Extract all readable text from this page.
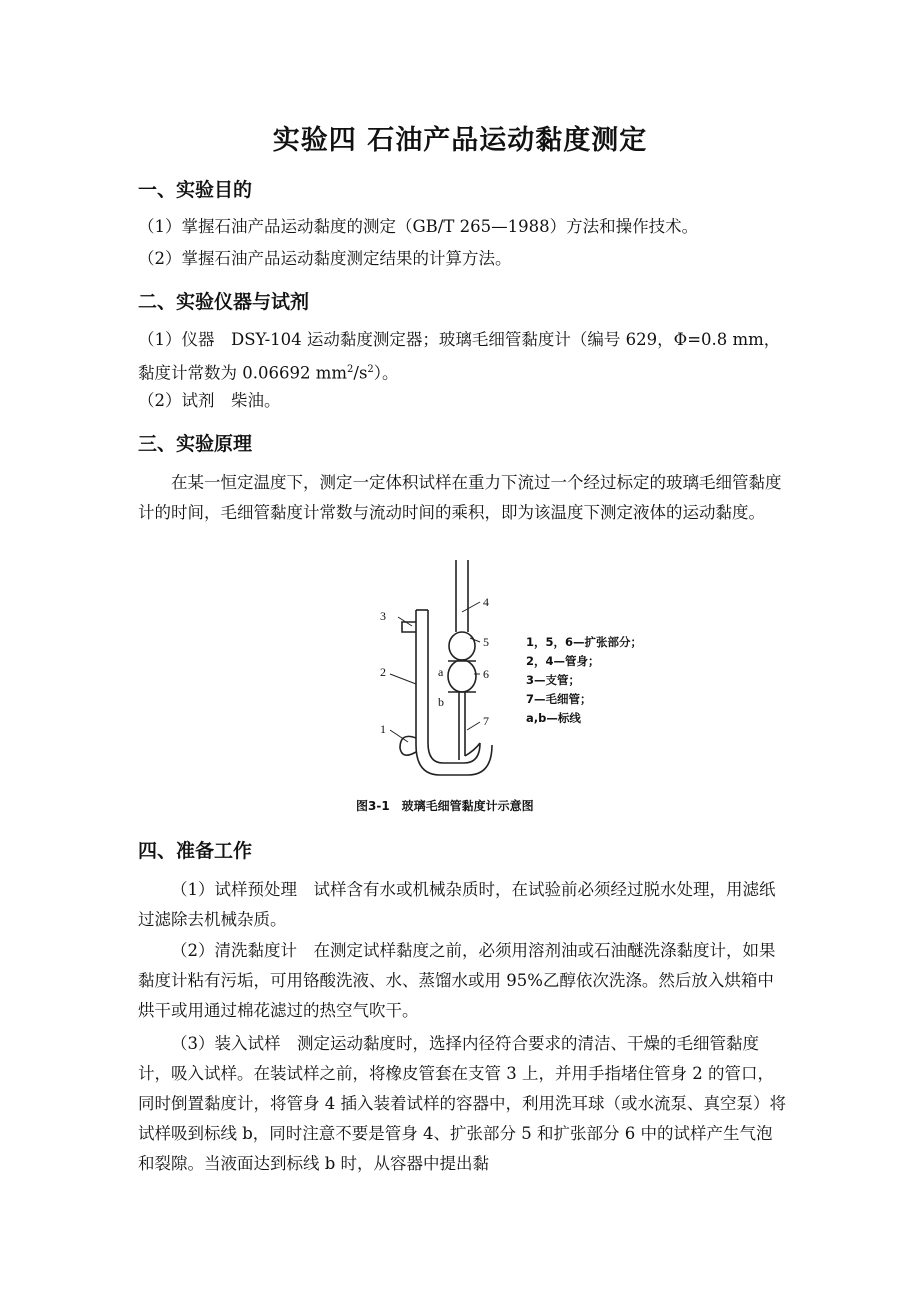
实验四 石油产品运动黏度测定
一、实验目的
（1）掌握石油产品运动黏度的测定（GB/T 265—1988）方法和操作技术。
（2）掌握石油产品运动黏度测定结果的计算方法。
二、实验仪器与试剂
（1）仪器　DSY-104 运动黏度测定器；玻璃毛细管黏度计（编号 629，Φ=0.8 mm，黏度计常数为 0.06692 $mm^2/s^2$）。
（2）试剂　柴油。
三、实验原理
在某一恒定温度下，测定一定体积试样在重力下流过一个经过标定的玻璃毛细管黏度计的时间，毛细管黏度计常数与流动时间的乘积，即为该温度下测定液体的运动黏度。
3
2
1
4
5
6
7
a
b
1，5，6—扩张部分；
2，4—管身；
3—支管；
7—毛细管；
a,b—标线
图3-1　玻璃毛细管黏度计示意图
四、准备工作
（1）试样预处理　试样含有水或机械杂质时，在试验前必须经过脱水处理，用滤纸过滤除去机械杂质。
（2）清洗黏度计　在测定试样黏度之前，必须用溶剂油或石油醚洗涤黏度计，如果黏度计粘有污垢，可用铬酸洗液、水、蒸馏水或用 95%乙醇依次洗涤。然后放入烘箱中烘干或用通过棉花滤过的热空气吹干。
（3）装入试样　测定运动黏度时，选择内径符合要求的清洁、干燥的毛细管黏度计，吸入试样。在装试样之前，将橡皮管套在支管 3 上，并用手指堵住管身 2 的管口，同时倒置黏度计，将管身 4 插入装着试样的容器中，利用洗耳球（或水流泵、真空泵）将试样吸到标线 b，同时注意不要是管身 4、扩张部分 5 和扩张部分 6 中的试样产生气泡和裂隙。当液面达到标线 b 时，从容器中提出黏
